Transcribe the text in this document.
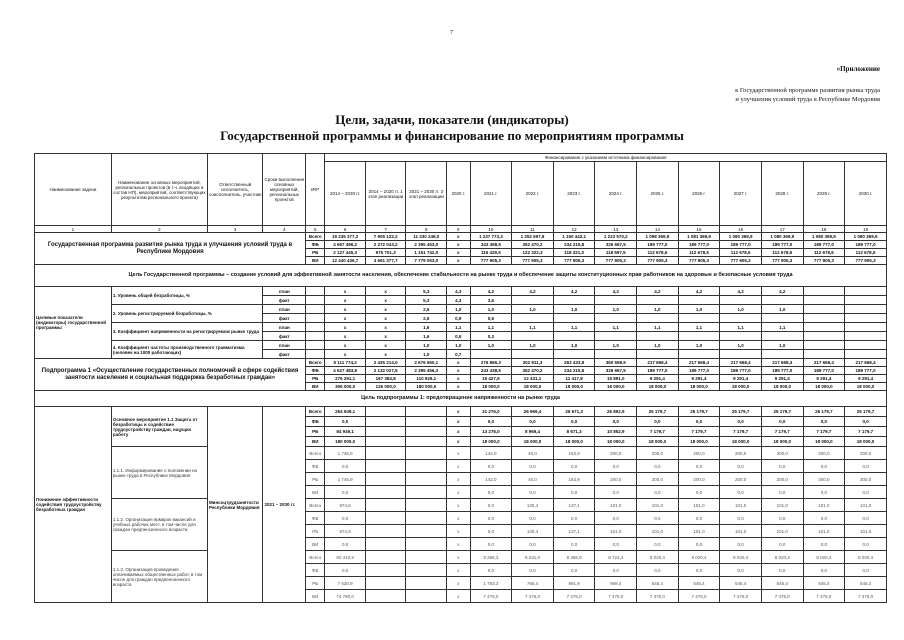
7
«Приложение
к Государственной программе развития рынка труда
и улучшения условий труда в Республике Мордовия
Цели, задачи, показатели (индикаторы)
Государственной программы и финансирование по мероприятиям программы
Наименование задачи	Наименование основных мероприятий, региональных проектов (в т.ч. входящих в состав НП), мероприятий, соответствующих результатам регионального проекта)	Ответственный исполнитель, соисполнитель, участник	Сроки выполнения основных мероприятий, региональных проектов	ИФ*	Финансирование с указанием источника финансирования													
					2014 – 2030 гг.	2014 – 2020 гг. 1 этап реализации	2021 – 2030 гг. 2 этап реализации	2020 г.	2021 г.	2022 г.	2023 г.	2024 г.	2025 г.	2026 г.	2027 г.	2028 г.	2029 г.	2030 г.

1	2	3	4	5	6	7	8	9	10	11	12	13	14	15	16	17	18	19
Государственная программа развития рынка труда и улучшения условий труда в Республике Мордовия				Всего	19 235 377,2	7 905 122,2	11 330 249,0	х	1 237 773,3	1 252 697,8	1 150 442,1	1 223 570,2	1 098 369,9	1 081 369,9	1 080 369,9	1 080 369,9	1 080 369,9	1 080 369,9
				ФБ	4 667 496,2	2 272 043,2	2 395 453,0	х	343 458,5	352 470,2	234 215,8	326 667,5	189 777,0	189 777,0	189 777,0	189 777,0	189 777,0	189 777,0
				РБ	2 127 445,3	975 701,3	1 151 742,0	х	116 429,5	122 322,3	118 321,0	118 597,5	112 678,6	112 678,6	112 678,6	112 678,6	112 678,6	112 678,6
				ВИ	12 440 436,7	4 661 377,7	7 779 053,0	х	777 905,3	777 905,3	777 905,3	777 905,3	777 905,3	777 905,3	777 905,3	777 905,3	777 905,3	777 905,3
Цель Государственной программы – создание условий для эффективной занятости населения, обеспечение стабильности на рынке труда и обеспечение защиты конституционных прав работников на здоровые и безопасные условия труда																		
Целевые показатели (индикаторы) государственной программы	1. Уровень общей безработицы, %		план		х	х	5,3	4,3	4,2	4,2	4,2	4,2	4,2	4,2	4,2	4,2		
			факт		х	х	5,3	4,3	3,6									
	2. Уровень регистрируемой безработицы, %		план		х	х	2,6	1,0	1,0	1,0	1,0	1,0	1,0	1,0	1,0	1,0		
			факт		х	х	2,6	0,9	0,6									
	3. Коэффициент напряженности на регистрируемом рынке труда		план		х	х	1,6	1,1	1,1	1,1	1,1	1,1	1,1	1,1	1,1	1,1		
			факт		х	х	1,6	0,5	0,3									
	4. Коэффициент частоты производственного травматизма (человек на 1000 работающих)		план		х	х	1,0	1,0	1,0	1,0	1,0	1,0	1,0	1,0	1,0	1,0		
			факт		х	х	1,0	0,7										
Подпрограмма 1 «Осуществление государственных полномочий в сфере содействия занятости населения и социальная поддержка безработных граждан»				Всего	5 111 774,2	2 435 214,0	2 676 560,1	х	276 866,3	302 911,3	263 433,8	360 558,9	217 668,4	217 668,4	217 668,4	217 668,4	217 668,4	217 668,4
				ФБ	4 527 483,8	2 132 027,5	2 395 456,3	х	243 438,5	352 470,2	234 215,8	326 667,5	189 777,0	189 777,0	189 777,0	189 777,0	189 777,0	189 777,0
				РБ	276 291,1	167 384,8	110 926,1	х	15 427,9	12 431,1	11 417,8	15 891,0	9 291,4	9 291,4	9 291,4	9 291,4	9 291,4	9 291,4
				ВИ	306 000,0	126 000,0	180 000,0	х	18 000,0	18 000,0	18 000,0	18 000,0	18 000,0	18 000,0	18 000,0	18 000,0	18 000,0	18 000,0
Цель подпрограммы 1: предотвращение напряженности на рынке труда																		
Понижение эффективности содействия трудоустройству безработных граждан	Основное мероприятие 1.1 Защита от безработицы и содействие трудоустройству граждан, ищущих работу	Минсоцтрудзанятости Республики Мордовия	2021 – 2030 гг.	Всего	264 949,1			х	31 276,0	26 969,4	26 671,3	26 852,9	25 179,7	25 179,7	25 179,7	25 179,7	25 179,7	25 179,7
				ФБ	0,0			х	0,0	0,0	0,0	0,0	0,0	0,0	0,0	0,0	0,0	0,0
				РБ	84 949,1			х	13 276,0	8 969,4	8 671,3	10 852,9	7 179,7	7 179,7	7 179,7	7 179,7	7 179,7	7 179,7
				ВИ	180 000,0			х	18 000,0	18 000,0	18 000,0	18 000,0	18 000,0	18 000,0	18 000,0	18 000,0	18 000,0	18 000,0
	1.1.1. Информирование о положении на рынке труда в Республике Мордовия			Всего	1 745,9			х	142,0	40,0	163,9	200,0	200,0	200,0	200,0	200,0	200,0	200,0
				ФБ	0,0			х	0,0	0,0	0,0	0,0	0,0	0,0	0,0	0,0	0,0	0,0
				РБ	1 745,9			х	142,0	40,0	163,9	200,0	200,0	200,0	200,0	200,0	200,0	200,0
				ВИ	0,0			х	0,0	0,0	0,0	0,0	0,0	0,0	0,0	0,0	0,0	0,0
	1.1.2. Организация ярмарок вакансий и учебных рабочих мест, в том числе для граждан предпенсионного возраста			Всего	974,5			х	0,0	130,4	137,1	101,0	101,0	101,0	101,0	101,0	101,0	101,0
				ФБ	0,0			х	0,0	0,0	0,0	0,0	0,0	0,0	0,0	0,0	0,0	0,0
				РБ	974,5			х	0,0	130,4	137,1	101,0	101,0	101,0	101,0	101,0	101,0	101,0
				ВИ	0,0			х	0,0	0,0	0,0	0,0	0,0	0,0	0,0	0,0	0,0	0,0
	1.1.3. Организация проведения оплачиваемых общественных работ, в том числе для граждан предпенсионного возраста			Всего	82 410,9			х	9 268,3	8 231,0	8 466,9	8 722,4	8 020,4	8 020,4	8 020,4	8 020,4	8 020,4	8 020,4
				ФБ	0,0			х	0,0	0,0	0,0	0,0	0,0	0,0	0,0	0,0	0,0	0,0
				РБ	7 630,9			х	1 793,3	768,4	991,9	969,4	545,4	545,4	545,4	545,4	545,4	545,4
				ВИ	74 790,0			х	7 475,0	7 475,0	7 475,0	7 475,0	7 475,0	7 475,0	7 475,0	7 475,0	7 475,0	7 475,0
